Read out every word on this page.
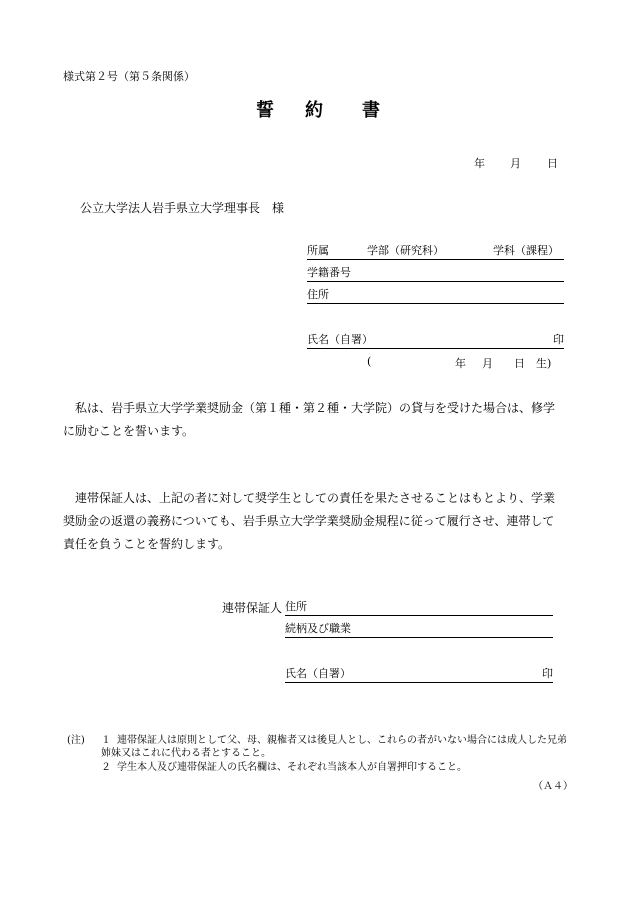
様式第２号（第５条関係）
誓 約 書
年 月 日
公立大学法人岩手県立大学理事長　様
所属	学部（研究科）	学科（課程）
学籍番号
住所
氏名（自署）	印
(	年 月 日　生)
　私は、岩手県立大学学業奨励金（第１種・第２種・大学院）の貸与を受けた場合は、修学
に励むことを誓います。
　連帯保証人は、上記の者に対して奨学生としての責任を果たさせることはもとより、学業
奨励金の返還の義務についても、岩手県立大学学業奨励金規程に従って履行させ、連帯して
責任を負うことを誓約します。
連帯保証人 住所
続柄及び職業
氏名（自署）	印
(注) １ 連帯保証人は原則として父、母、親権者又は後見人とし、これらの者がいない場合には成人した兄弟
姉妹又はこれに代わる者とすること。
２ 学生本人及び連帯保証人の氏名欄は、それぞれ当該本人が自署押印すること。
（Ａ４）
